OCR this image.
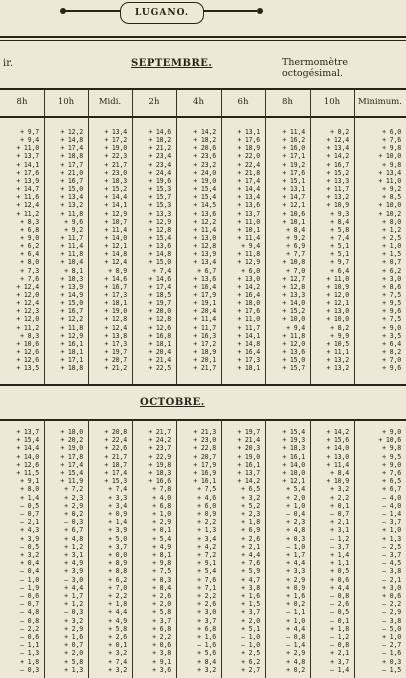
LUGANO.
ir.	SEPTEMBRE.	Thermomètre octogésimal.
8h	10h	Midi.	2h	4h	6h	8h	10h	Minimum.
+ 9,7	+ 12,2	+ 13,4	+ 14,6	+ 14,2	+ 13,1	+ 11,4	+ 8,2	+ 6,0
+ 9,4	+ 14,8	+ 17,2	+ 18,2	+ 18,2	+ 17,6	+ 16,2	+ 12,4	+ 7,6
+ 11,0	+ 17,4	+ 19,0	+ 21,2	+ 20,6	+ 18,9	+ 16,0	+ 13,4	+ 9,8
+ 13,7	+ 18,8	+ 22,3	+ 23,4	+ 23,6	+ 22,0	+ 17,1	+ 14,2	+ 10,0
+ 14,1	+ 17,7	+ 21,7	+ 23,4	+ 23,2	+ 22,4	+ 19,2	+ 16,7	+ 9,8
+ 17,6	+ 21,0	+ 23,0	+ 24,4	+ 24,0	+ 21,8	+ 17,6	+ 15,2	+ 13,4
+ 13,9	+ 16,7	+ 18,3	+ 19,6	+ 19,0	+ 17,4	+ 15,1	+ 13,3	+ 11,0
+ 14,7	+ 15,0	+ 15,2	+ 15,3	+ 15,4	+ 14,4	+ 13,1	+ 11,7	+ 9,2
+ 11,6	+ 13,4	+ 14,4	+ 15,7	+ 15,4	+ 13,4	+ 14,7	+ 13,2	+ 8,5
+ 12,4	+ 13,2	+ 14,1	+ 15,3	+ 14,5	+ 13,6	+ 12,1	+ 10,9	+ 10,0
+ 11,2	+ 11,8	+ 12,9	+ 13,3	+ 13,6	+ 13,7	+ 10,6	+ 9,3	+ 10,2
+ 8,3	+ 9,6	+ 10,7	+ 12,9	+ 12,2	+ 11,0	+ 10,1	+ 8,4	+ 8,0
+ 6,8	+ 9,2	+ 11,4	+ 12,8	+ 11,4	+ 10,1	+ 8,4	+ 5,8	+ 1,2
+ 9,0	+ 11,7	+ 14,0	+ 15,4	+ 13,0	+ 11,4	+ 9,2	+ 7,4	+ 2,5
+ 6,2	+ 11,4	+ 12,1	+ 13,6	+ 12,8	+ 9,4	+ 6,9	+ 5,1	+ 1,0
+ 6,4	+ 11,8	+ 14,8	+ 14,8	+ 13,9	+ 11,8	+ 7,7	+ 5,1	+ 1,5
+ 8,0	+ 10,4	+ 12,4	+ 15,0	+ 13,4	+ 12,9	+ 10,8	+ 9,7	+ 0,7
+ 7,3	+ 8,1	+ 8,9	+ 7,4	+ 6,7	+ 6,0	+ 7,0	+ 6,4	+ 6,2
+ 7,6	+ 10,3	+ 14,6	+ 14,6	+ 13,6	+ 13,0	+ 12,7	+ 11,0	+ 3,0
+ 12,4	+ 13,9	+ 16,7	+ 17,4	+ 16,4	+ 14,2	+ 12,8	+ 10,9	+ 8,6
+ 12,0	+ 14,9	+ 17,3	+ 18,5	+ 17,9	+ 16,4	+ 13,3	+ 12,0	+ 7,5
+ 12,4	+ 15,0	+ 18,1	+ 19,7	+ 19,1	+ 18,0	+ 14,0	+ 12,1	+ 9,5
+ 12,3	+ 16,7	+ 19,0	+ 20,0	+ 20,4	+ 17,6	+ 15,2	+ 13,0	+ 9,6
+ 12,0	+ 12,2	+ 12,8	+ 12,8	+ 11,4	+ 11,0	+ 10,0	+ 10,0	+ 7,5
+ 11,2	+ 11,8	+ 12,4	+ 12,6	+ 11,7	+ 11,7	+ 9,4	+ 8,2	+ 9,0
+ 8,3	+ 12,9	+ 13,8	+ 16,8	+ 16,3	+ 14,1	+ 11,8	+ 9,9	+ 3,5
+ 10,6	+ 16,1	+ 17,3	+ 18,1	+ 17,2	+ 14,8	+ 12,0	+ 10,5	+ 6,4
+ 12,6	+ 18,1	+ 19,7	+ 20,4	+ 18,9	+ 16,4	+ 13,6	+ 11,1	+ 8,2
+ 12,6	+ 17,1	+ 20,7	+ 21,4	+ 20,1	+ 17,3	+ 15,0	+ 13,2	+ 7,0
+ 13,5	+ 18,8	+ 21,2	+ 22,5	+ 21,7	+ 18,1	+ 15,7	+ 13,2	+ 9,6
OCTOBRE.
+ 13,7	+ 18,0	+ 20,8	+ 21,7	+ 21,3	+ 19,7	+ 15,4	+ 14,2	+ 9,0
+ 15,4	+ 20,2	+ 22,4	+ 24,2	+ 23,0	+ 21,4	+ 19,3	+ 15,6	+ 10,6
+ 14,4	+ 19,0	+ 22,6	+ 23,7	+ 22,8	+ 20,3	+ 18,3	+ 14,0	+ 9,8
+ 14,0	+ 17,8	+ 21,7	+ 22,9	+ 20,7	+ 19,0	+ 16,1	+ 13,0	+ 9,5
+ 12,6	+ 17,4	+ 18,7	+ 19,8	+ 17,9	+ 16,1	+ 14,0	+ 11,4	+ 9,0
+ 11,5	+ 15,4	+ 17,4	+ 18,3	+ 16,9	+ 13,7	+ 10,0	+ 8,4	+ 7,6
+ 9,1	+ 11,9	+ 15,3	+ 16,6	+ 16,1	+ 14,2	+ 12,1	+ 10,9	+ 6,5
+ 8,0	+ 7,2	+ 7,4	+ 7,8	+ 7,5	+ 6,5	+ 5,4	+ 3,2	+ 6,7
+ 1,4	+ 2,3	+ 3,3	+ 4,0	+ 4,6	+ 3,2	+ 2,0	+ 2,2	— 4,0
— 0,5	+ 2,9	+ 3,4	+ 6,8	+ 6,0	+ 5,2	+ 1,0	+ 0,1	— 4,0
— 0,7	+ 0,2	+ 0,9	+ 1,0	+ 0,9	+ 2,3	— 0,4	— 0,7	— 1,4
— 2,1	— 0,3	+ 1,4	+ 2,9	+ 2,2	+ 1,8	+ 2,3	+ 2,1	— 3,7
+ 4,3	+ 6,7	+ 3,9	+ 0,1	+ 1,3	+ 6,9	+ 4,8	+ 3,1	+ 1,0
+ 3,9	+ 4,8	+ 5,0	+ 5,4	+ 3,4	+ 2,6	+ 0,3	— 1,2	+ 1,3
— 0,5	+ 1,2	+ 3,7	+ 4,9	+ 4,2	+ 2,1	— 1,0	— 3,7	— 2,5
+ 3,2	+ 3,1	+ 0,0	+ 8,1	+ 7,2	+ 4,4	+ 1,7	+ 1,4	— 3,7
+ 0,4	+ 4,9	+ 8,9	+ 9,8	+ 9,1	+ 7,6	+ 4,4	+ 1,1	— 4,5
— 0,4	+ 3,9	+ 8,8	+ 7,5	+ 5,4	+ 5,9	+ 3,3	+ 0,5	— 3,8
— 1,0	— 3,0	+ 6,2	+ 8,3	+ 7,6	+ 4,7	+ 2,9	+ 0,6	— 2,1
— 1,9	+ 4,4	+ 7,0	+ 8,4	+ 7,1	+ 3,8	+ 0,9	+ 4,4	+ 3,0
— 0,6	+ 1,7	+ 2,2	+ 2,6	+ 2,2	+ 1,6	+ 1,6	— 0,8	+ 0,6
— 0,7	+ 1,2	+ 1,8	+ 2,0	+ 2,6	+ 1,5	+ 0,2	— 2,6	— 2,2
— 4,8	— 0,3	+ 4,4	+ 5,8	+ 3,0	+ 3,7	— 1,1	— 0,5	— 2,9
— 0,8	+ 3,2	+ 4,9	+ 3,7	+ 3,7	+ 2,0	+ 1,0	— 0,1	— 3,8
— 2,2	+ 2,9	+ 5,8	+ 6,8	+ 6,8	+ 5,1	+ 4,4	+ 1,8	— 5,0
— 0,6	+ 1,6	+ 2,6	+ 2,2	+ 1,6	— 1,0	— 0,8	— 1,2	+ 1,0
— 1,1	+ 0,7	+ 0,1	+ 0,6	— 1,6	— 1,0	— 1,4	— 0,8	— 2,7
— 1,3	+ 2,0	+ 3,2	+ 3,8	+ 5,6	+ 2,5	+ 2,9	+ 2,1	— 1,6
+ 1,8	+ 5,8	+ 7,4	+ 9,1	+ 8,4	+ 6,2	+ 4,8	+ 3,7	+ 0,3
— 0,3	+ 1,3	+ 3,2	+ 3,6	+ 3,2	+ 2,7	+ 0,2	— 1,4	— 1,5
